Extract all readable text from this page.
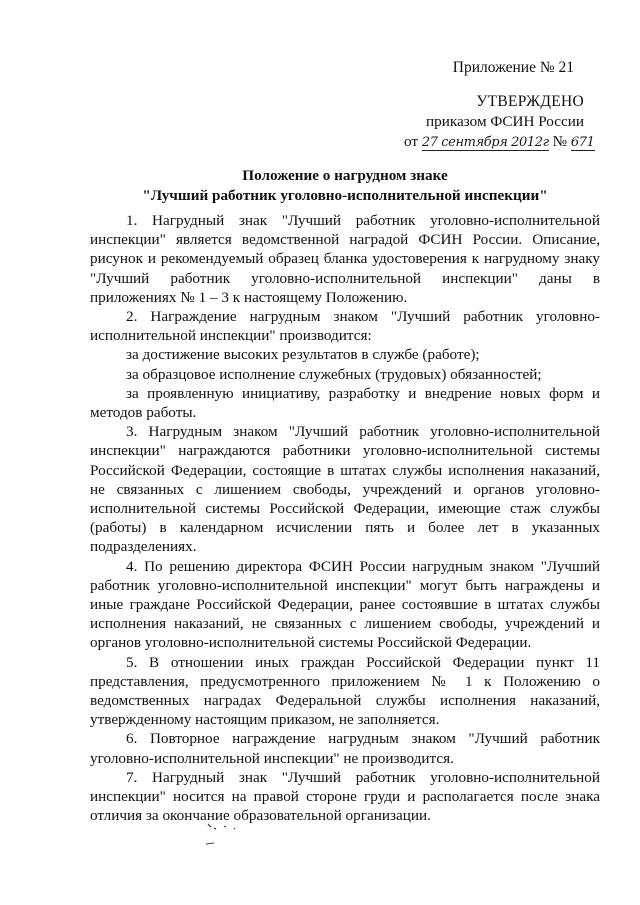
Приложение № 21
УТВЕРЖДЕНО
приказом ФСИН России
от 27 сентября 2012г № 671
Положение о нагрудном знаке
"Лучший работник уголовно-исполнительной инспекции"

1. Нагрудный знак "Лучший работник уголовно-исполнительной инспекции" является ведомственной наградой ФСИН России. Описание, рисунок и рекомендуемый образец бланка удостоверения к нагрудному знаку "Лучший работник уголовно-исполнительной инспекции" даны в приложениях № 1 – 3 к настоящему Положению.

2. Награждение нагрудным знаком "Лучший работник уголовно-исполнительной инспекции" производится:

за достижение высоких результатов в службе (работе);

за образцовое исполнение служебных (трудовых) обязанностей;

за проявленную инициативу, разработку и внедрение новых форм и методов работы.

3. Нагрудным знаком "Лучший работник уголовно-исполнительной инспекции" награждаются работники уголовно-исполнительной системы Российской Федерации, состоящие в штатах службы исполнения наказаний, не связанных с лишением свободы, учреждений и органов уголовно-исполнительной системы Российской Федерации, имеющие стаж службы (работы) в календарном исчислении пять и более лет в указанных подразделениях.

4. По решению директора ФСИН России нагрудным знаком "Лучший работник уголовно-исполнительной инспекции" могут быть награждены и иные граждане Российской Федерации, ранее состоявшие в штатах службы исполнения наказаний, не связанных с лишением свободы, учреждений и органов уголовно-исполнительной системы Российской Федерации.

5. В отношении иных граждан Российской Федерации пункт 11 представления, предусмотренного приложением № 1 к Положению о ведомственных наградах Федеральной службы исполнения наказаний, утвержденному настоящим приказом, не заполняется.

6. Повторное награждение нагрудным знаком "Лучший работник уголовно-исполнительной инспекции" не производится.

7. Нагрудный знак "Лучший работник уголовно-исполнительной инспекции" носится на правой стороне груди и располагается после знака отличия за окончание образовательной организации.
